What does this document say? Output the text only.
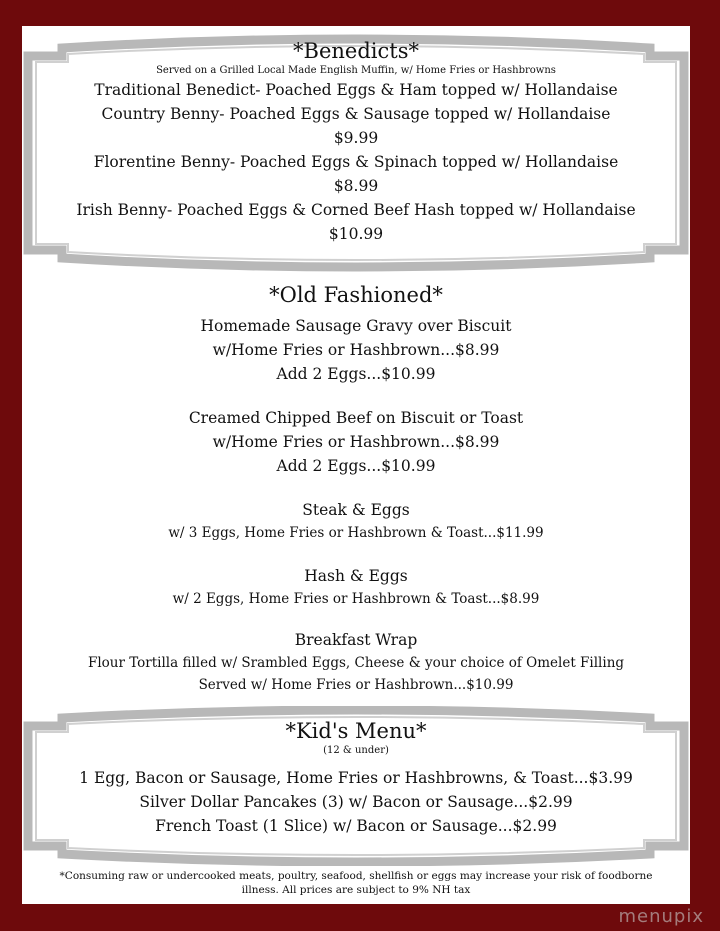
*Benedicts*
Served on a Grilled Local Made English Muffin, w/ Home Fries or Hashbrowns
Traditional Benedict- Poached Eggs & Ham topped w/ Hollandaise
Country Benny- Poached Eggs & Sausage topped w/ Hollandaise
$9.99
Florentine Benny- Poached Eggs & Spinach topped w/ Hollandaise
$8.99
Irish Benny- Poached Eggs & Corned Beef Hash topped w/ Hollandaise
$10.99
*Old Fashioned*
Homemade Sausage Gravy over Biscuit
w/Home Fries or Hashbrown...$8.99
Add 2 Eggs...$10.99
Creamed Chipped Beef on Biscuit or Toast
w/Home Fries or Hashbrown...$8.99
Add 2 Eggs...$10.99
Steak & Eggs
w/ 3 Eggs, Home Fries or Hashbrown & Toast...$11.99
Hash & Eggs
w/ 2 Eggs, Home Fries or Hashbrown & Toast...$8.99
Breakfast Wrap
Flour Tortilla filled w/ Srambled Eggs, Cheese & your choice of Omelet Filling
Served w/ Home Fries or Hashbrown...$10.99
*Kid's Menu*
(12 & under)
1 Egg, Bacon or Sausage, Home Fries or Hashbrowns, & Toast...$3.99
Silver Dollar Pancakes (3) w/ Bacon or Sausage...$2.99
French Toast (1 Slice) w/ Bacon or Sausage...$2.99
*Consuming raw or undercooked meats, poultry, seafood, shellfish or eggs may increase your risk of foodborne
illness. All prices are subject to 9% NH tax
menupix
